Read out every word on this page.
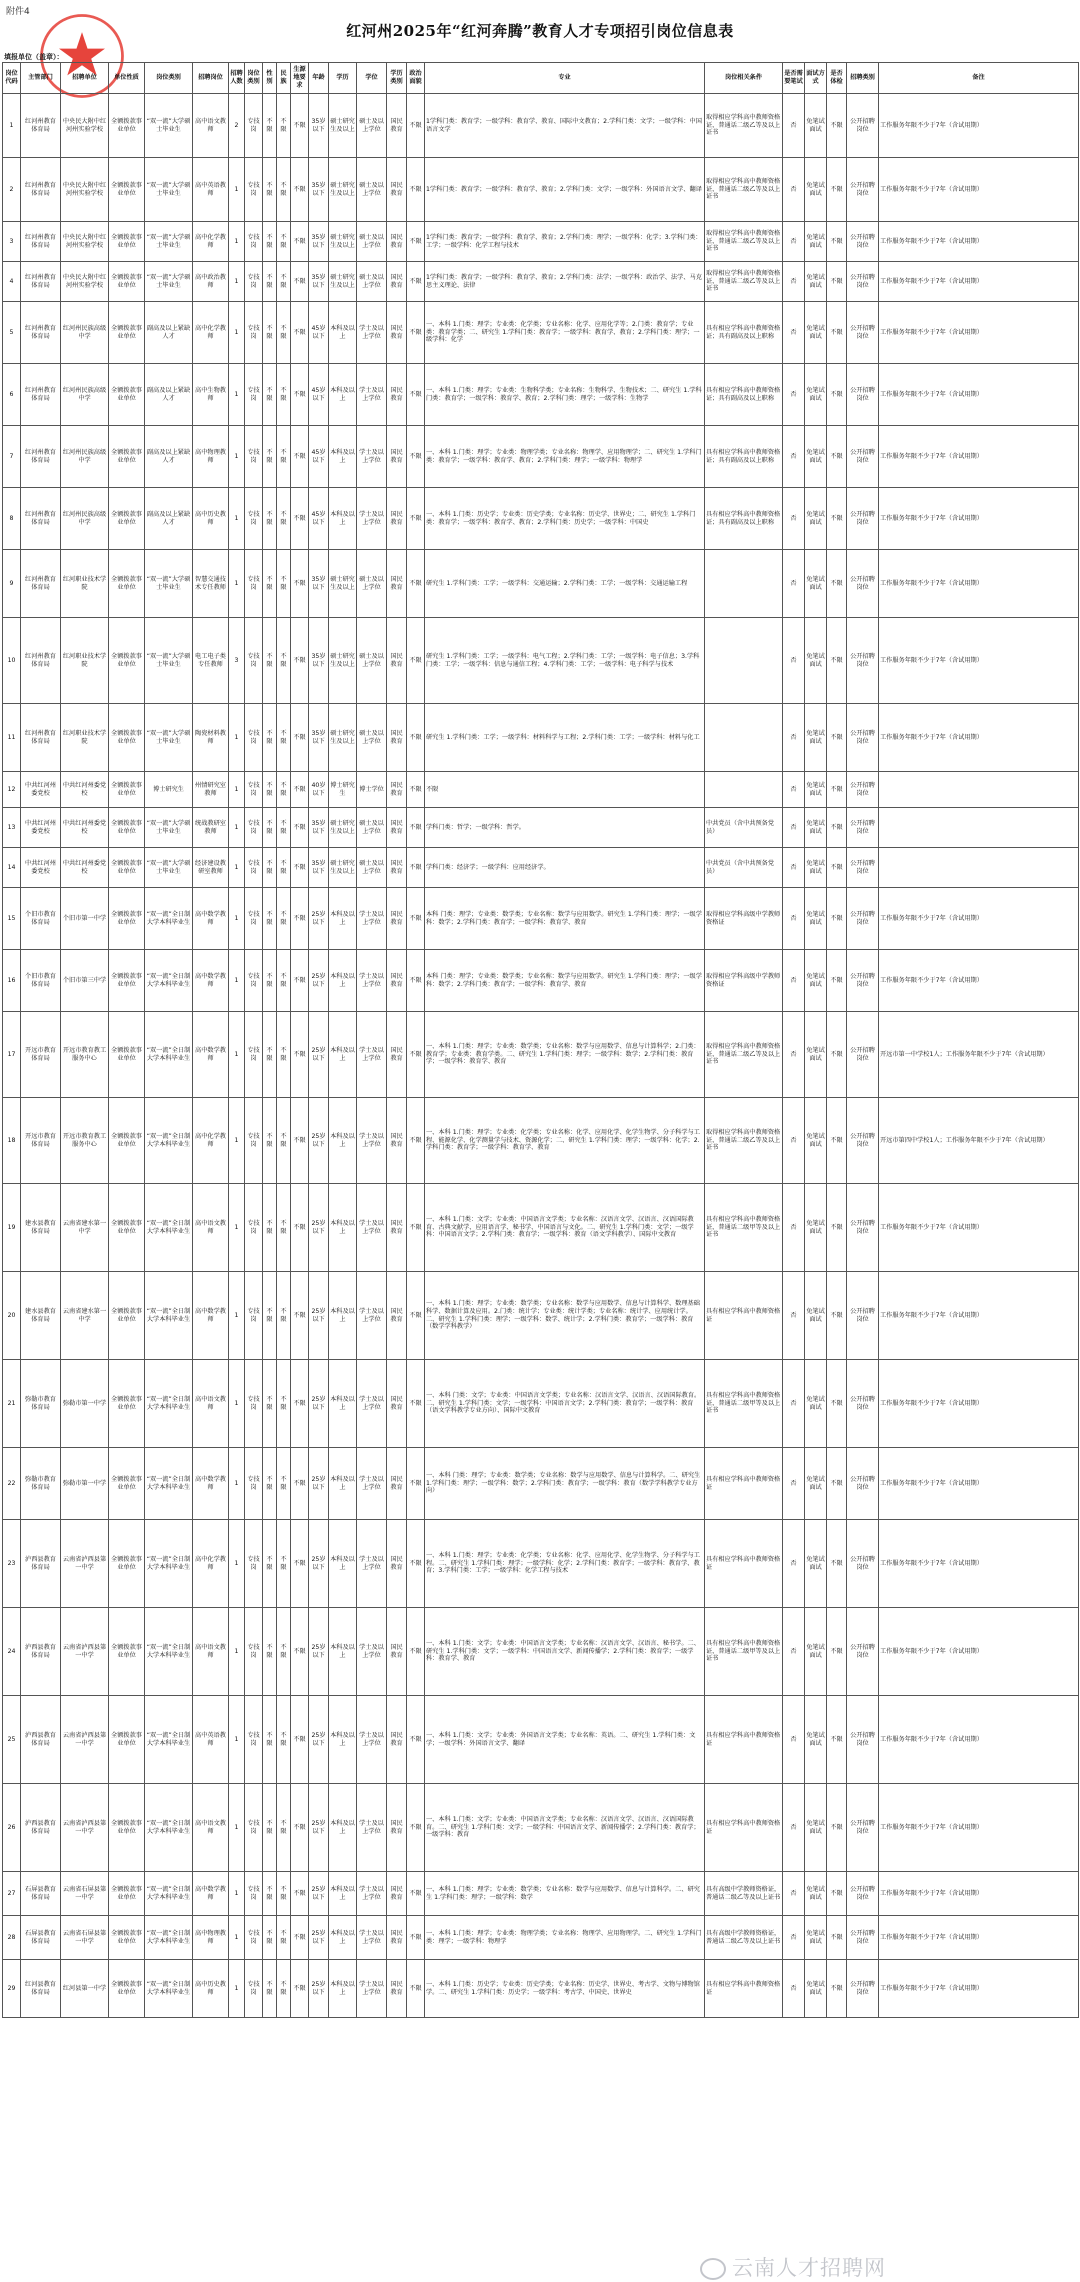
附件4
红河州2025年“红河奔腾”教育人才专项招引岗位信息表
填报单位（盖章）：
岗位代码	主管部门	招聘单位	单位性质	岗位类别	招聘岗位	招聘人数	岗位类别	性别	民族	生源地要求	年龄	学历	学位	学历类别	政治面貌	专业	岗位相关条件	是否需要笔试	面试方式	是否体检	招聘类别	备注
1	红河州教育体育局	中央民大附中红河州实验学校	全额拨款事业单位	“双一流”大学硕士毕业生	高中语文教师	2	专技岗	不限	不限	不限	35岁以下	硕士研究生及以上	硕士及以上学位	国民教育	不限	1学科门类：教育学；一级学科：教育学、教育、国际中文教育；2.学科门类：文学；一级学科：中国语言文学	取得相应学科高中教师资格证，普通话二级乙等及以上证书	否	免笔试面试	不限	公开招聘岗位	工作服务年限不少于7年（含试用期）
2	红河州教育体育局	中央民大附中红河州实验学校	全额拨款事业单位	“双一流”大学硕士毕业生	高中英语教师	1	专技岗	不限	不限	不限	35岁以下	硕士研究生及以上	硕士及以上学位	国民教育	不限	1学科门类：教育学；一级学科：教育学、教育；2.学科门类：文学；一级学科：外国语言文学、翻译	取得相应学科高中教师资格证，普通话二级乙等及以上证书	否	免笔试面试	不限	公开招聘岗位	工作服务年限不少于7年（含试用期）
3	红河州教育体育局	中央民大附中红河州实验学校	全额拨款事业单位	“双一流”大学硕士毕业生	高中化学教师	1	专技岗	不限	不限	不限	35岁以下	硕士研究生及以上	硕士及以上学位	国民教育	不限	1学科门类：教育学；一级学科：教育学、教育；2.学科门类：理学；一级学科：化学；3.学科门类：工学；一级学科：化学工程与技术	取得相应学科高中教师资格证，普通话二级乙等及以上证书	否	免笔试面试	不限	公开招聘岗位	工作服务年限不少于7年（含试用期）
4	红河州教育体育局	中央民大附中红河州实验学校	全额拨款事业单位	“双一流”大学硕士毕业生	高中政治教师	1	专技岗	不限	不限	不限	35岁以下	硕士研究生及以上	硕士及以上学位	国民教育	不限	1学科门类：教育学；一级学科：教育学、教育；2.学科门类：法学；一级学科：政治学、法学、马克思主义理论、法律	取得相应学科高中教师资格证，普通话二级乙等及以上证书	否	免笔试面试	不限	公开招聘岗位	工作服务年限不少于7年（含试用期）
5	红河州教育体育局	红河州民族高级中学	全额拨款事业单位	副高及以上紧缺人才	高中化学教师	1	专技岗	不限	不限	不限	45岁以下	本科及以上	学士及以上学位	国民教育	不限	一、本科 1.门类：理学；专业类：化学类；专业名称：化学、应用化学等；2.门类：教育学；专业类：教育学类；二、研究生 1.学科门类：教育学；一级学科：教育学、教育；2.学科门类：理学；一级学科：化学	具有相应学科高中教师资格证；具有副高及以上职称	否	免笔试面试	不限	公开招聘岗位	工作服务年限不少于7年（含试用期）
6	红河州教育体育局	红河州民族高级中学	全额拨款事业单位	副高及以上紧缺人才	高中生物教师	1	专技岗	不限	不限	不限	45岁以下	本科及以上	学士及以上学位	国民教育	不限	一、本科 1.门类：理学；专业类：生物科学类；专业名称：生物科学、生物技术；二、研究生 1.学科门类：教育学；一级学科：教育学、教育；2.学科门类：理学；一级学科：生物学	具有相应学科高中教师资格证；具有副高及以上职称	否	免笔试面试	不限	公开招聘岗位	工作服务年限不少于7年（含试用期）
7	红河州教育体育局	红河州民族高级中学	全额拨款事业单位	副高及以上紧缺人才	高中物理教师	1	专技岗	不限	不限	不限	45岁以下	本科及以上	学士及以上学位	国民教育	不限	一、本科 1.门类：理学；专业类：物理学类；专业名称：物理学、应用物理学；二、研究生 1.学科门类：教育学；一级学科：教育学、教育；2.学科门类：理学；一级学科：物理学	具有相应学科高中教师资格证；具有副高及以上职称	否	免笔试面试	不限	公开招聘岗位	工作服务年限不少于7年（含试用期）
8	红河州教育体育局	红河州民族高级中学	全额拨款事业单位	副高及以上紧缺人才	高中历史教师	1	专技岗	不限	不限	不限	45岁以下	本科及以上	学士及以上学位	国民教育	不限	一、本科 1.门类：历史学；专业类：历史学类；专业名称：历史学、世界史；二、研究生 1.学科门类：教育学；一级学科：教育学、教育；2.学科门类：历史学；一级学科：中国史	具有相应学科高中教师资格证；具有副高及以上职称	否	免笔试面试	不限	公开招聘岗位	工作服务年限不少于7年（含试用期）
9	红河州教育体育局	红河职业技术学院	全额拨款事业单位	“双一流”大学硕士毕业生	智慧交通技术专任教师	1	专技岗	不限	不限	不限	35岁以下	硕士研究生及以上	硕士及以上学位	国民教育	不限	研究生 1.学科门类：工学；一级学科：交通运输；2.学科门类：工学；一级学科：交通运输工程		否	免笔试面试	不限	公开招聘岗位	工作服务年限不少于7年（含试用期）
10	红河州教育体育局	红河职业技术学院	全额拨款事业单位	“双一流”大学硕士毕业生	电工电子类专任教师	3	专技岗	不限	不限	不限	35岁以下	硕士研究生及以上	硕士及以上学位	国民教育	不限	研究生 1.学科门类：工学；一级学科：电气工程；2.学科门类：工学；一级学科：电子信息；3.学科门类：工学；一级学科：信息与通信工程；4.学科门类：工学；一级学科：电子科学与技术		否	免笔试面试	不限	公开招聘岗位	工作服务年限不少于7年（含试用期）
11	红河州教育体育局	红河职业技术学院	全额拨款事业单位	“双一流”大学硕士毕业生	陶瓷材料教师	1	专技岗	不限	不限	不限	35岁以下	硕士研究生及以上	硕士及以上学位	国民教育	不限	研究生 1.学科门类：工学；一级学科：材料科学与工程；2.学科门类：工学；一级学科：材料与化工		否	免笔试面试	不限	公开招聘岗位	工作服务年限不少于7年（含试用期）
12	中共红河州委党校	中共红河州委党校	全额拨款事业单位	博士研究生	州情研究室教师	1	专技岗	不限	不限	不限	40岁以下	博士研究生	博士学位	国民教育	不限	不限		否	免笔试面试	不限	公开招聘岗位	
13	中共红河州委党校	中共红河州委党校	全额拨款事业单位	“双一流”大学硕士毕业生	统战教研室教师	1	专技岗	不限	不限	不限	35岁以下	硕士研究生及以上	硕士及以上学位	国民教育	不限	学科门类：哲学；一级学科：哲学。	中共党员（含中共预备党员）	否	免笔试面试	不限	公开招聘岗位	
14	中共红河州委党校	中共红河州委党校	全额拨款事业单位	“双一流”大学硕士毕业生	经济建设教研室教师	1	专技岗	不限	不限	不限	35岁以下	硕士研究生及以上	硕士及以上学位	国民教育	不限	学科门类：经济学；一级学科：应用经济学。	中共党员（含中共预备党员）	否	免笔试面试	不限	公开招聘岗位	
15	个旧市教育体育局	个旧市第一中学	全额拨款事业单位	“双一流”全日制大学本科毕业生	高中数学教师	1	专技岗	不限	不限	不限	25岁以下	本科及以上	学士及以上学位	国民教育	不限	本科 门类：理学；专业类：数学类；专业名称：数学与应用数学。研究生 1.学科门类：理学；一级学科：数学；2.学科门类：教育学；一级学科：教育学、教育	取得相应学科高级中学教师资格证	否	免笔试面试	不限	公开招聘岗位	工作服务年限不少于7年（含试用期）
16	个旧市教育体育局	个旧市第三中学	全额拨款事业单位	“双一流”全日制大学本科毕业生	高中数学教师	1	专技岗	不限	不限	不限	25岁以下	本科及以上	学士及以上学位	国民教育	不限	本科 门类：理学；专业类：数学类；专业名称：数学与应用数学。研究生 1.学科门类：理学；一级学科：数学；2.学科门类：教育学；一级学科：教育学、教育	取得相应学科高级中学教师资格证	否	免笔试面试	不限	公开招聘岗位	工作服务年限不少于7年（含试用期）
17	开远市教育体育局	开远市教育教工服务中心	全额拨款事业单位	“双一流”全日制大学本科毕业生	高中数学教师	1	专技岗	不限	不限	不限	25岁以下	本科及以上	学士及以上学位	国民教育	不限	一、本科 1.门类：理学；专业类：数学类；专业名称：数学与应用数学、信息与计算科学；2.门类：教育学；专业类：教育学类。二、研究生 1.学科门类：理学；一级学科：数学；2.学科门类：教育学；一级学科：教育学、教育	取得相应学科高中教师资格证，普通话二级乙等及以上证书	否	免笔试面试	不限	公开招聘岗位	开远市第一中学校1人；工作服务年限不少于7年（含试用期）
18	开远市教育体育局	开远市教育教工服务中心	全额拨款事业单位	“双一流”全日制大学本科毕业生	高中化学教师	1	专技岗	不限	不限	不限	25岁以下	本科及以上	学士及以上学位	国民教育	不限	一、本科 1.门类：理学；专业类：化学类；专业名称：化学、应用化学、化学生物学、分子科学与工程、能源化学、化学测量学与技术、资源化学；二、研究生 1.学科门类：理学；一级学科：化学；2.学科门类：教育学；一级学科：教育学、教育	取得相应学科高中教师资格证，普通话二级乙等及以上证书	否	免笔试面试	不限	公开招聘岗位	开远市第四中学校1人；工作服务年限不少于7年（含试用期）
19	建水县教育体育局	云南省建水第一中学	全额拨款事业单位	“双一流”全日制大学本科毕业生	高中语文教师	1	专技岗	不限	不限	不限	25岁以下	本科及以上	学士及以上学位	国民教育	不限	一、本科 1.门类：文学；专业类：中国语言文学类；专业名称：汉语言文学、汉语言、汉语国际教育、古典文献学、应用语言学、秘书学、中国语言与文化。二、研究生 1.学科门类：文学；一级学科：中国语言文学；2.学科门类：教育学；一级学科：教育（语文学科教学）、国际中文教育	具有相应学科高中教师资格证，普通话二级甲等及以上证书	否	免笔试面试	不限	公开招聘岗位	工作服务年限不少于7年（含试用期）
20	建水县教育体育局	云南省建水第一中学	全额拨款事业单位	“双一流”全日制大学本科毕业生	高中数学教师	1	专技岗	不限	不限	不限	25岁以下	本科及以上	学士及以上学位	国民教育	不限	一、本科 1.门类：理学；专业类：数学类；专业名称：数学与应用数学、信息与计算科学、数理基础科学、数据计算及应用。2.门类：统计学；专业类：统计学类；专业名称：统计学、应用统计学。二、研究生 1.学科门类：理学；一级学科：数学、统计学；2.学科门类：教育学；一级学科：教育（数学学科教学）	具有相应学科高中教师资格证	否	免笔试面试	不限	公开招聘岗位	工作服务年限不少于7年（含试用期）
21	弥勒市教育体育局	弥勒市第一中学	全额拨款事业单位	“双一流”全日制大学本科毕业生	高中语文教师	1	专技岗	不限	不限	不限	25岁以下	本科及以上	学士及以上学位	国民教育	不限	一、本科 门类：文学；专业类：中国语言文学类；专业名称：汉语言文学、汉语言、汉语国际教育。二、研究生 1.学科门类：文学；一级学科：中国语言文学；2.学科门类：教育学；一级学科：教育（语文学科教学专业方向）、国际中文教育	具有相应学科高中教师资格证，普通话二级甲等及以上证书	否	免笔试面试	不限	公开招聘岗位	工作服务年限不少于7年（含试用期）
22	弥勒市教育体育局	弥勒市第一中学	全额拨款事业单位	“双一流”全日制大学本科毕业生	高中数学教师	1	专技岗	不限	不限	不限	25岁以下	本科及以上	学士及以上学位	国民教育	不限	一、本科 门类：理学；专业类：数学类；专业名称：数学与应用数学、信息与计算科学。二、研究生 1.学科门类：理学；一级学科：数学；2.学科门类：教育学；一级学科：教育（数学学科教学专业方向）	具有相应学科高中教师资格证	否	免笔试面试	不限	公开招聘岗位	工作服务年限不少于7年（含试用期）
23	泸西县教育体育局	云南省泸西县第一中学	全额拨款事业单位	“双一流”全日制大学本科毕业生	高中化学教师	1	专技岗	不限	不限	不限	25岁以下	本科及以上	学士及以上学位	国民教育	不限	一、本科 1.门类：理学；专业类：化学类；专业名称：化学、应用化学、化学生物学、分子科学与工程。二、研究生 1.学科门类：理学；一级学科：化学；2.学科门类：教育学；一级学科：教育学、教育；3.学科门类：工学；一级学科：化学工程与技术	具有相应学科高中教师资格证	否	免笔试面试	不限	公开招聘岗位	工作服务年限不少于7年（含试用期）
24	泸西县教育体育局	云南省泸西县第一中学	全额拨款事业单位	“双一流”全日制大学本科毕业生	高中语文教师	1	专技岗	不限	不限	不限	25岁以下	本科及以上	学士及以上学位	国民教育	不限	一、本科 1.门类：文学；专业类：中国语言文学类；专业名称：汉语言文学、汉语言、秘书学。二、研究生 1.学科门类：文学；一级学科：中国语言文学、新闻传播学；2.学科门类：教育学；一级学科：教育学、教育	具有相应学科高中教师资格证，普通话二级甲等及以上证书	否	免笔试面试	不限	公开招聘岗位	工作服务年限不少于7年（含试用期）
25	泸西县教育体育局	云南省泸西县第一中学	全额拨款事业单位	“双一流”全日制大学本科毕业生	高中英语教师	1	专技岗	不限	不限	不限	25岁以下	本科及以上	学士及以上学位	国民教育	不限	一、本科 1.门类：文学；专业类：外国语言文学类；专业名称：英语。二、研究生 1.学科门类：文学；一级学科：外国语言文学、翻译	具有相应学科高中教师资格证	否	免笔试面试	不限	公开招聘岗位	工作服务年限不少于7年（含试用期）
26	泸西县教育体育局	云南省泸西县第一中学	全额拨款事业单位	“双一流”全日制大学本科毕业生	高中语文教师	1	专技岗	不限	不限	不限	25岁以下	本科及以上	学士及以上学位	国民教育	不限	一、本科 1.门类：文学；专业类：中国语言文学类；专业名称：汉语言文学、汉语言、汉语国际教育。二、研究生 1.学科门类：文学；一级学科：中国语言文学、新闻传播学；2.学科门类：教育学；一级学科：教育	具有相应学科高中教师资格证	否	免笔试面试	不限	公开招聘岗位	工作服务年限不少于7年（含试用期）
27	石屏县教育体育局	云南省石屏县第一中学	全额拨款事业单位	“双一流”全日制大学本科毕业生	高中数学教师	1	专技岗	不限	不限	不限	25岁以下	本科及以上	学士及以上学位	国民教育	不限	一、本科 1.门类：理学；专业类：数学类；专业名称：数学与应用数学、信息与计算科学。二、研究生 1.学科门类：理学；一级学科：数学	具有高级中学教师资格证，普通话二级乙等及以上证书	否	免笔试面试	不限	公开招聘岗位	工作服务年限不少于7年（含试用期）
28	石屏县教育体育局	云南省石屏县第一中学	全额拨款事业单位	“双一流”全日制大学本科毕业生	高中物理教师	1	专技岗	不限	不限	不限	25岁以下	本科及以上	学士及以上学位	国民教育	不限	一、本科 1.门类：理学；专业类：物理学类；专业名称：物理学、应用物理学。二、研究生 1.学科门类：理学；一级学科：物理学	具有高级中学教师资格证，普通话二级乙等及以上证书	否	免笔试面试	不限	公开招聘岗位	工作服务年限不少于7年（含试用期）
29	红河县教育体育局	红河县第一中学	全额拨款事业单位	“双一流”全日制大学本科毕业生	高中历史教师	1	专技岗	不限	不限	不限	25岁以下	本科及以上	学士及以上学位	国民教育	不限	一、本科 1.门类：历史学；专业类：历史学类；专业名称：历史学、世界史、考古学、文物与博物馆学。二、研究生 1.学科门类：历史学；一级学科：考古学、中国史、世界史	具有相应学科高中教师资格证	否	免笔试面试	不限	公开招聘岗位	工作服务年限不少于7年（含试用期）
云南人才招聘网
